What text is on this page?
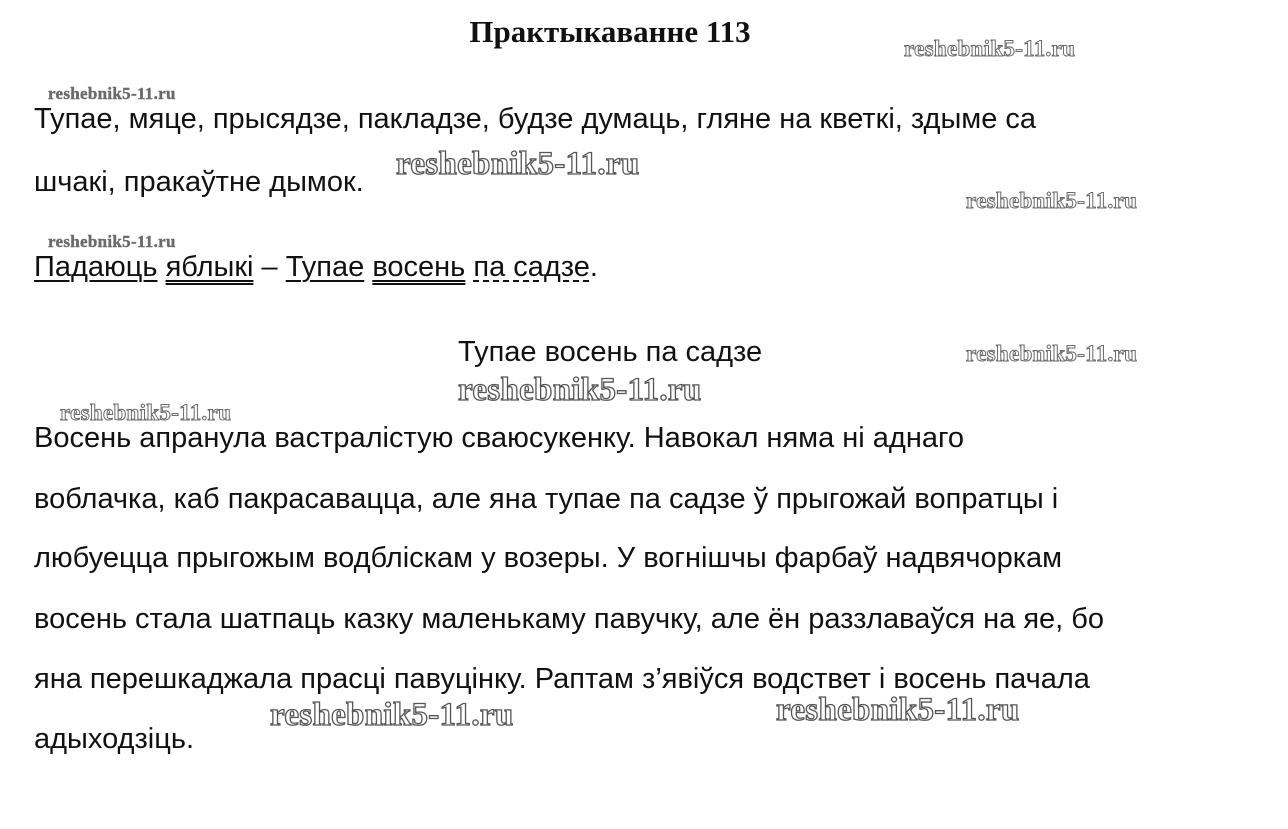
Практыкаванне 113
Тупае, мяце, прысядзе, пакладзе, будзе думаць, гляне на кветкі, здыме са
шчакі, пракаўтне дымок.
Падаюць яблыкі – Тупае восень па садзе.
Тупае восень па садзе
Восень апранула вастралістую сваюсукенку. Навокал няма ні аднаго
воблачка, каб пакрасавацца, але яна тупае па садзе ў прыгожай вопратцы і
любуецца прыгожым водбліскам у возеры. У вогнішчы фарбаў надвячоркам
восень стала шатпаць казку маленькаму павучку, але ён раззлаваўся на яе, бо
яна перешкаджала прасці павуцінку. Раптам з’явіўся водствет і восень пачала
адыходзіць.
reshebnik5-11.ru
reshebnik5-11.ru
reshebnik5-11.ru
reshebnik5-11.ru
reshebnik5-11.ru
reshebnik5-11.ru
reshebnik5-11.ru
reshebnik5-11.ru
reshebnik5-11.ru	reshebnik5-11.ru
